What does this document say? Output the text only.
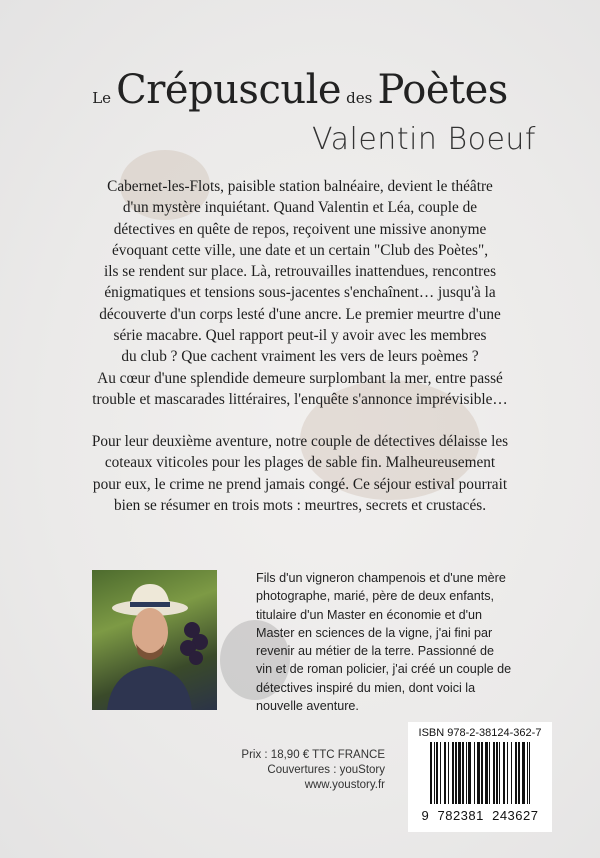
Le Crépuscule des Poètes
Valentin Boeuf
Cabernet-les-Flots, paisible station balnéaire, devient le théâtre
d'un mystère inquiétant. Quand Valentin et Léa, couple de
détectives en quête de repos, reçoivent une missive anonyme
évoquant cette ville, une date et un certain "Club des Poètes",
ils se rendent sur place. Là, retrouvailles inattendues, rencontres
énigmatiques et tensions sous-jacentes s'enchaînent… jusqu'à la
découverte d'un corps lesté d'une ancre. Le premier meurtre d'une
série macabre. Quel rapport peut-il y avoir avec les membres
du club ? Que cachent vraiment les vers de leurs poèmes ?
Au cœur d'une splendide demeure surplombant la mer, entre passé
trouble et mascarades littéraires, l'enquête s'annonce imprévisible…
Pour leur deuxième aventure, notre couple de détectives délaisse les
coteaux viticoles pour les plages de sable fin. Malheureusement
pour eux, le crime ne prend jamais congé. Ce séjour estival pourrait
bien se résumer en trois mots : meurtres, secrets et crustacés.
Fils d'un vigneron champenois et d'une mère
photographe, marié, père de deux enfants,
titulaire d'un Master en économie et d'un
Master en sciences de la vigne, j'ai fini par
revenir au métier de la terre. Passionné de
vin et de roman policier, j'ai créé un couple de
détectives inspiré du mien, dont voici la
nouvelle aventure.
Prix : 18,90 € TTC FRANCE
Couvertures : youStory
www.youstory.fr
ISBN 978-2-38124-362-7
9  782381  243627
